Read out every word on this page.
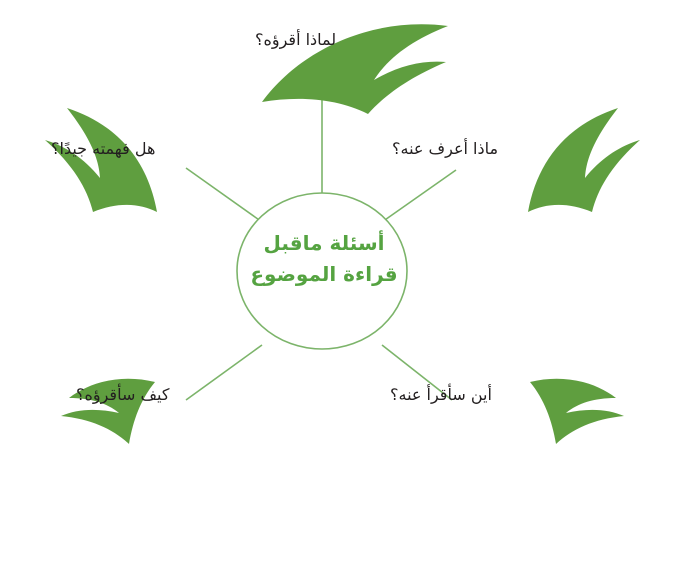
أسئلة ماقبل
قراءة الموضوع
لماذا أقرؤه؟
ماذا أعرف عنه؟
أين سأقرأ عنه؟
كيف سأقرؤه؟
هل فهمته جيدًا؟
